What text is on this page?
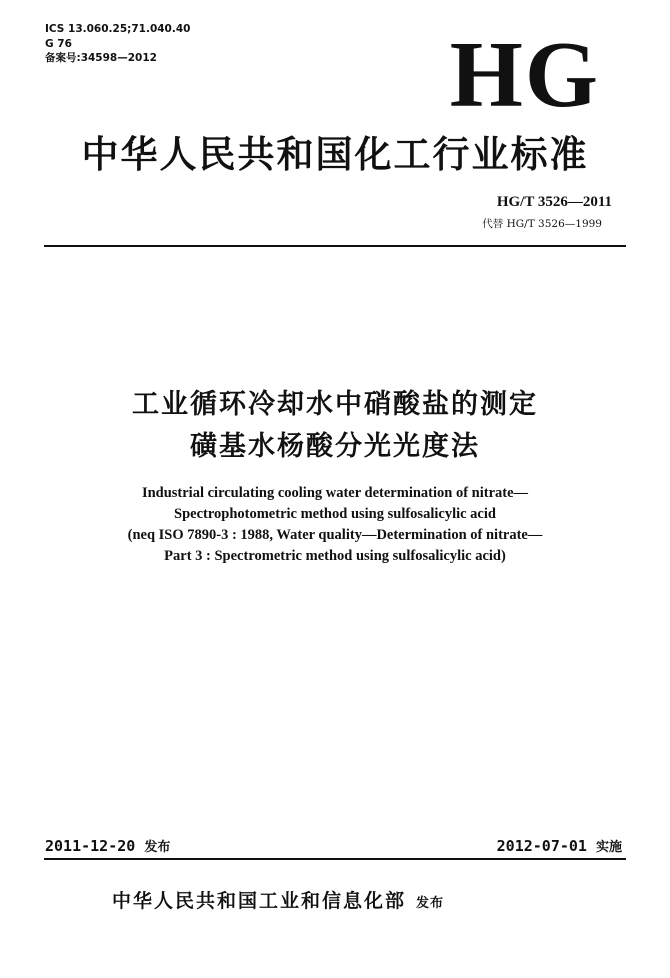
ICS 13.060.25;71.040.40
G 76
备案号:34598—2012	HG
中华人民共和国化工行业标准
HG/T 3526—2011
代替 HG/T 3526—1999
工业循环冷却水中硝酸盐的测定
磺基水杨酸分光光度法
Industrial circulating cooling water determination of nitrate—
Spectrophotometric method using sulfosalicylic acid
(neq ISO 7890-3 : 1988, Water quality—Determination of nitrate—
Part 3 : Spectrometric method using sulfosalicylic acid)
2011-12-20 发布	2012-07-01 实施
中华人民共和国工业和信息化部 发布
